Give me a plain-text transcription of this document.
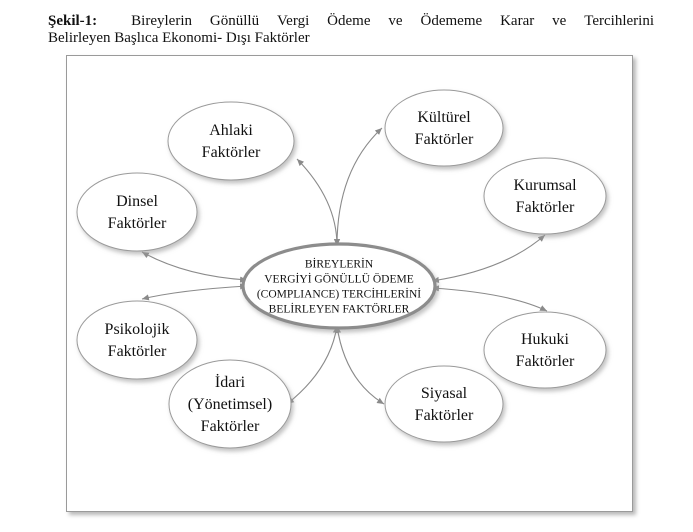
Şekil-1: Bireylerin Gönüllü Vergi Ödeme ve Ödememe Karar ve Tercihlerini
Belirleyen Başlıca Ekonomi- Dışı Faktörler
Ahlaki
Faktörler
Kültürel
Faktörler
Dinsel
Faktörler
Kurumsal
Faktörler
Psikolojik
Faktörler
Hukuki
Faktörler
İdari
(Yönetimsel)
Faktörler
Siyasal
Faktörler
BİREYLERİN
VERGİYİ GÖNÜLLÜ ÖDEME
(COMPLIANCE) TERCİHLERİNİ
BELİRLEYEN FAKTÖRLER
